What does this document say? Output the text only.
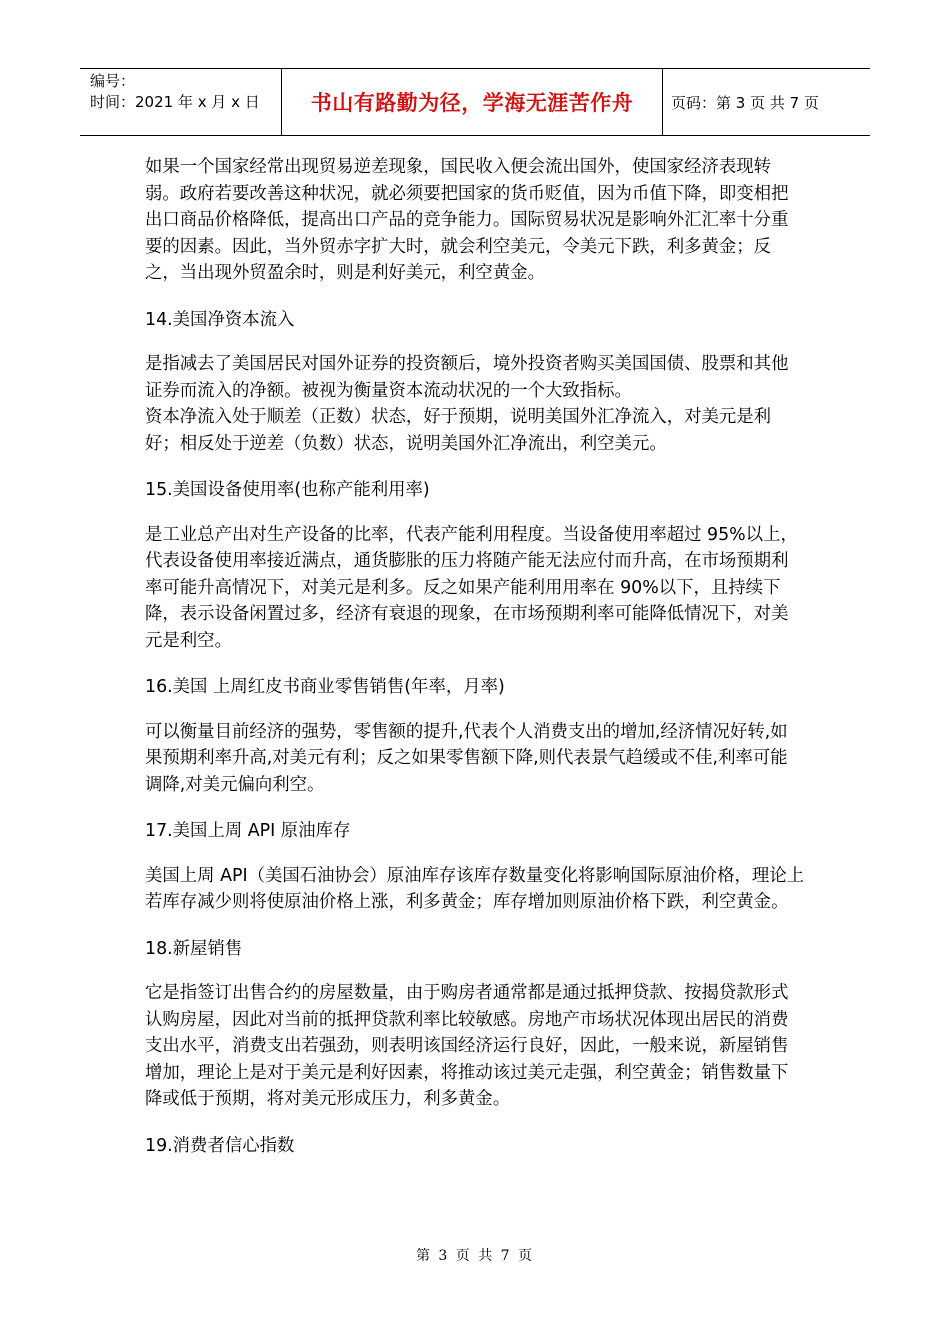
编号：
时间：2021 年 x 月 x 日	书山有路勤为径，学海无涯苦作舟	页码：第 3 页 共 7 页

如果一个国家经常出现贸易逆差现象，国民收入便会流出国外，使国家经济表现转弱。政府若要改善这种状况，就必须要把国家的货币贬值，因为币值下降，即变相把出口商品价格降低，提高出口产品的竞争能力。国际贸易状况是影响外汇汇率十分重要的因素。因此，当外贸赤字扩大时，就会利空美元，令美元下跌，利多黄金；反之，当出现外贸盈余时，则是利好美元，利空黄金。

14.美国净资本流入

是指减去了美国居民对国外证券的投资额后，境外投资者购买美国国债、股票和其他证券而流入的净额。被视为衡量资本流动状况的一个大致指标。

资本净流入处于顺差（正数）状态，好于预期，说明美国外汇净流入，对美元是利好；相反处于逆差（负数）状态，说明美国外汇净流出，利空美元。

15.美国设备使用率(也称产能利用率)

是工业总产出对生产设备的比率，代表产能利用程度。当设备使用率超过 95%以上，代表设备使用率接近满点，通货膨胀的压力将随产能无法应付而升高，在市场预期利率可能升高情况下，对美元是利多。反之如果产能利用用率在 90%以下，且持续下降，表示设备闲置过多，经济有衰退的现象，在市场预期利率可能降低情况下，对美元是利空。

16.美国 上周红皮书商业零售销售(年率，月率)

可以衡量目前经济的强势，零售额的提升,代表个人消费支出的增加,经济情况好转,如果预期利率升高,对美元有利；反之如果零售额下降,则代表景气趋缓或不佳,利率可能调降,对美元偏向利空。

17.美国上周 API 原油库存

美国上周 API（美国石油协会）原油库存该库存数量变化将影响国际原油价格，理论上若库存减少则将使原油价格上涨，利多黄金；库存增加则原油价格下跌，利空黄金。

18.新屋销售

它是指签订出售合约的房屋数量，由于购房者通常都是通过抵押贷款、按揭贷款形式认购房屋，因此对当前的抵押贷款利率比较敏感。房地产市场状况体现出居民的消费支出水平，消费支出若强劲，则表明该国经济运行良好，因此，一般来说，新屋销售增加，理论上是对于美元是利好因素，将推动该过美元走强，利空黄金；销售数量下降或低于预期，将对美元形成压力，利多黄金。

19.消费者信心指数

第 3 页 共 7 页
